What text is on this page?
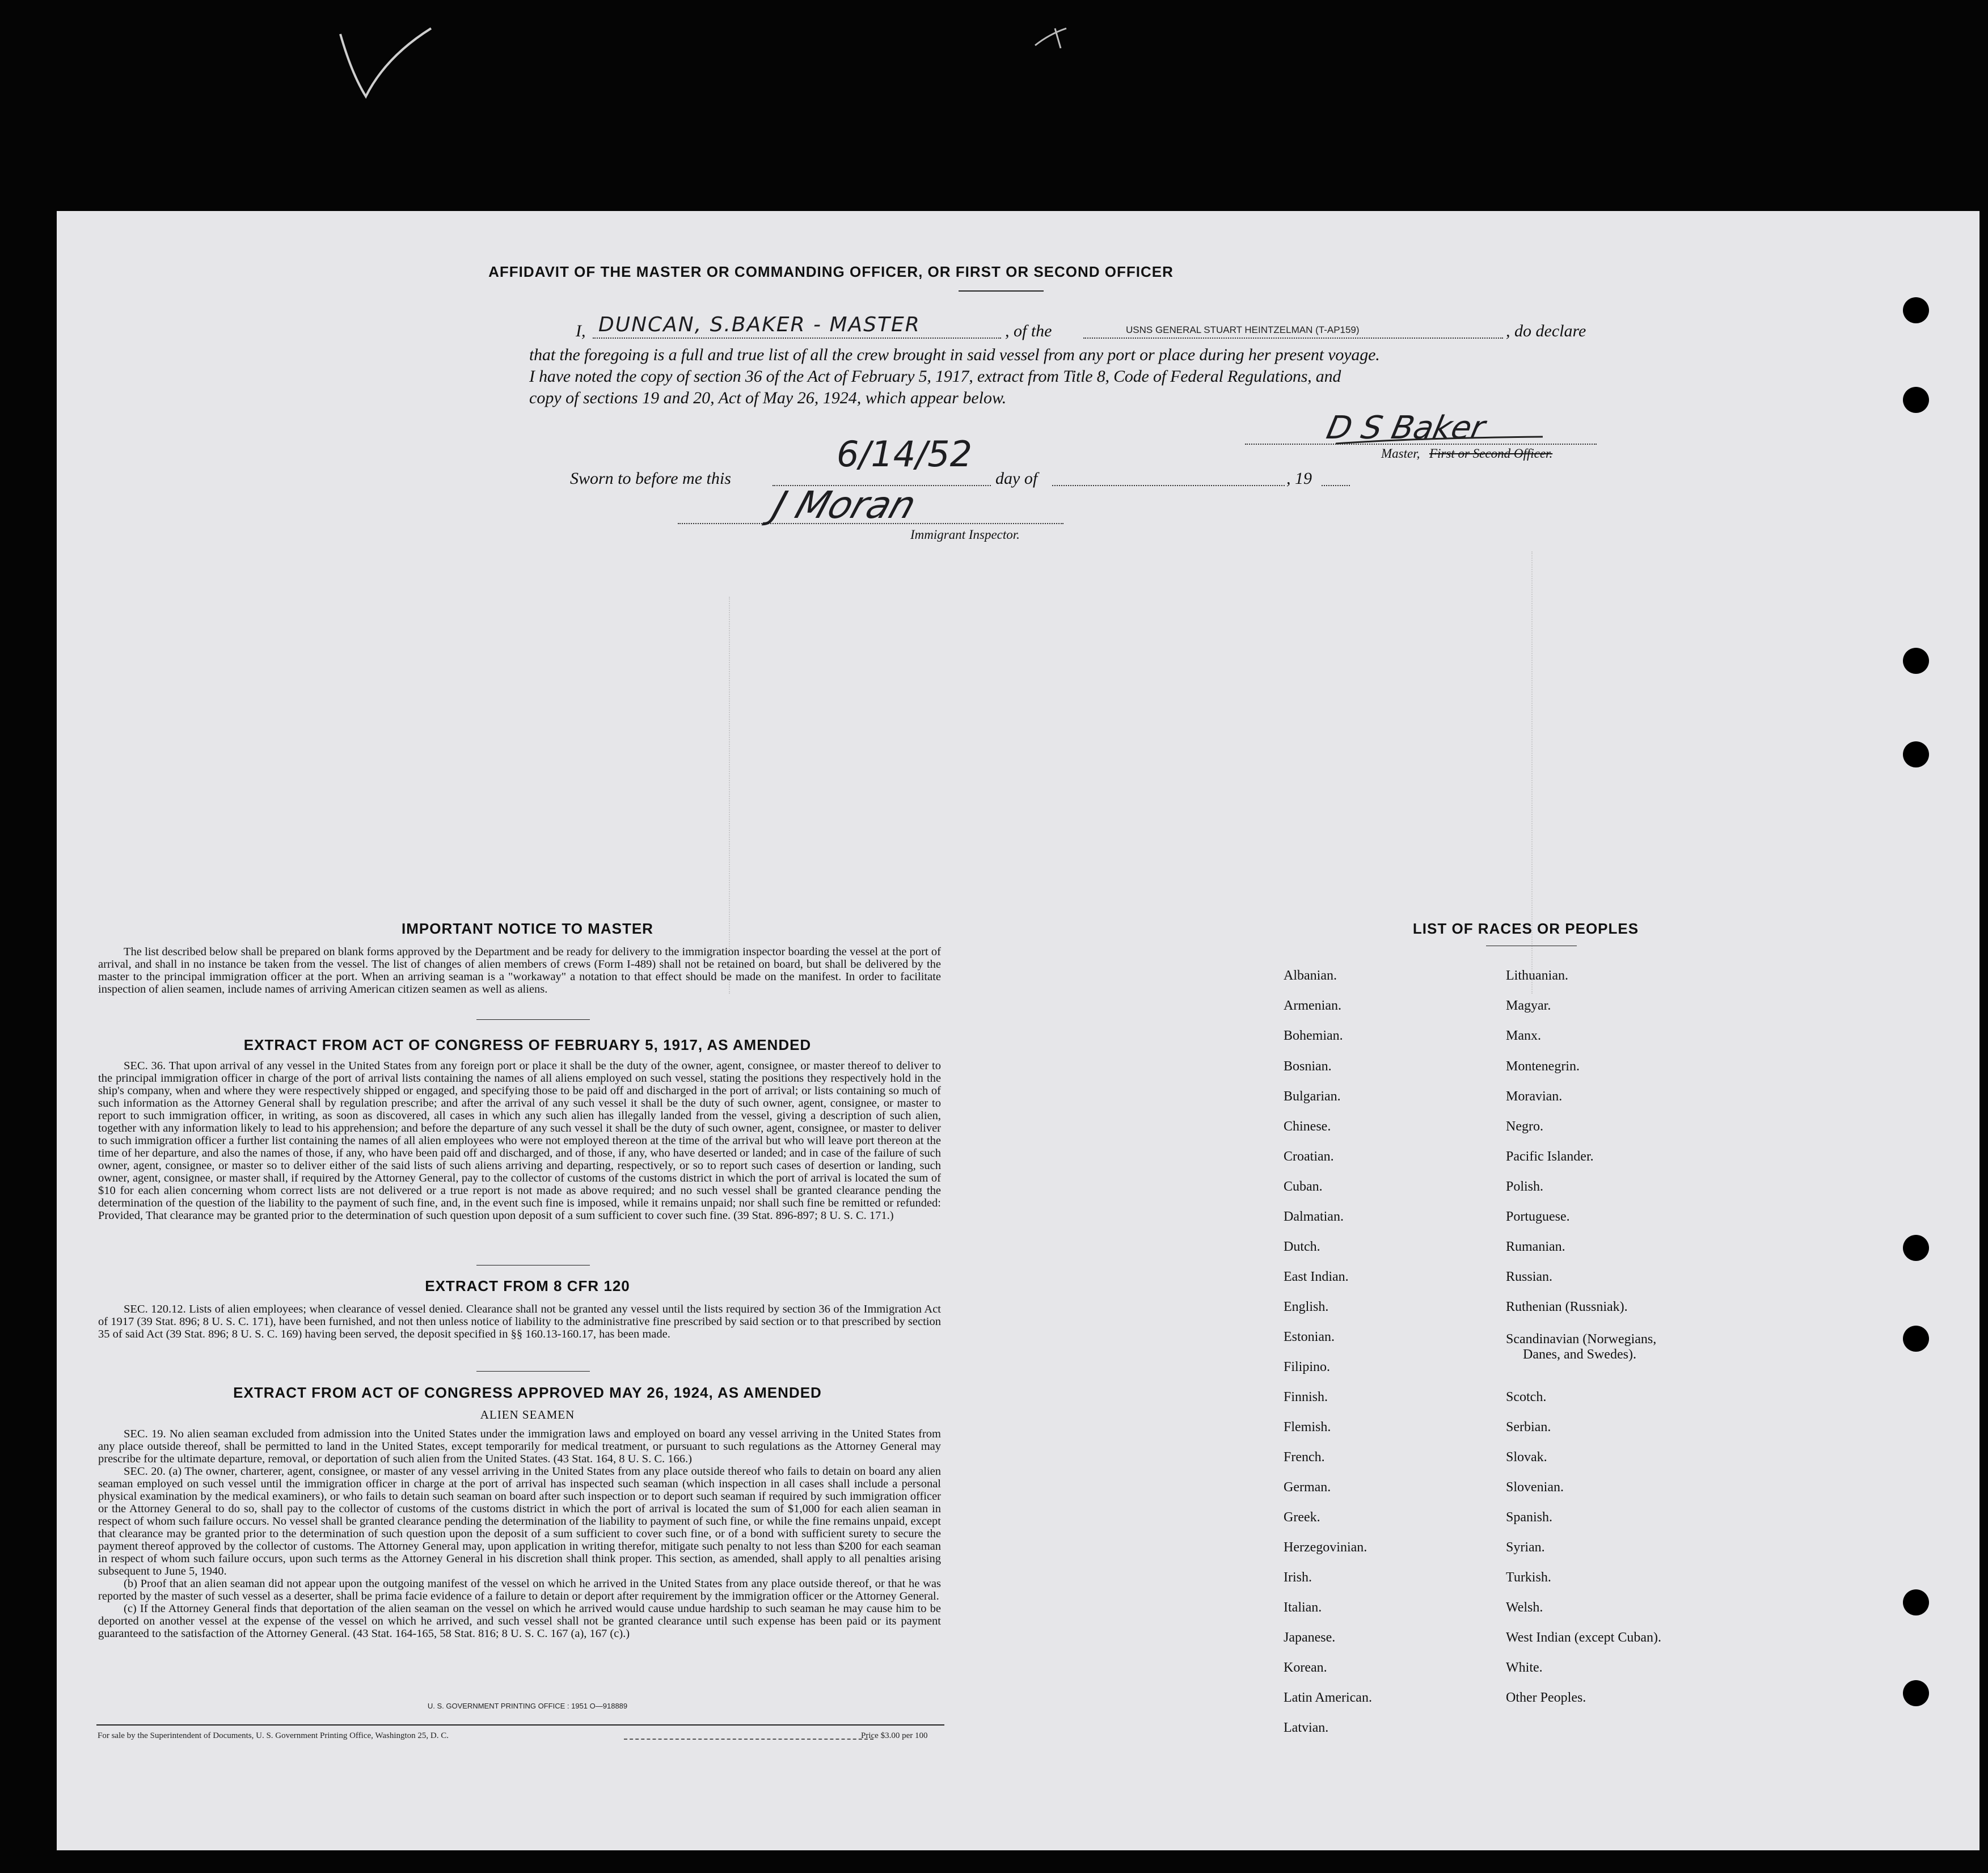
AFFIDAVIT OF THE MASTER OR COMMANDING OFFICER, OR FIRST OR SECOND OFFICER
I, DUNCAN, S.BAKER - MASTER	, of the	USNS GENERAL STUART HEINTZELMAN (T-AP159)	, do declare
that the foregoing is a full and true list of all the crew brought in said vessel from any port or place during her present voyage.
I have noted the copy of section 36 of the Act of February 5, 1917, extract from Title 8, Code of Federal Regulations, and
copy of sections 19 and 20, Act of May 26, 1924, which appear below.
D S Baker
Master, First or Second Officer.
Sworn to before me this
6/14/52
day of	, 19
J Moran
Immigrant Inspector.
IMPORTANT NOTICE TO MASTER
The list described below shall be prepared on blank forms approved by the Department and be ready for delivery to the immigration inspector boarding the vessel at the port of arrival, and shall in no instance be taken from the vessel. The list of changes of alien members of crews (Form I-489) shall not be retained on board, but shall be delivered by the master to the principal immigration officer at the port. When an arriving seaman is a "workaway" a notation to that effect should be made on the manifest. In order to facilitate inspection of alien seamen, include names of arriving American citizen seamen as well as aliens.
EXTRACT FROM ACT OF CONGRESS OF FEBRUARY 5, 1917, AS AMENDED
SEC. 36. That upon arrival of any vessel in the United States from any foreign port or place it shall be the duty of the owner, agent, consignee, or master thereof to deliver to the principal immigration officer in charge of the port of arrival lists containing the names of all aliens employed on such vessel, stating the positions they respectively hold in the ship's company, when and where they were respectively shipped or engaged, and specifying those to be paid off and discharged in the port of arrival; or lists containing so much of such information as the Attorney General shall by regulation prescribe; and after the arrival of any such vessel it shall be the duty of such owner, agent, consignee, or master to report to such immigration officer, in writing, as soon as discovered, all cases in which any such alien has illegally landed from the vessel, giving a description of such alien, together with any information likely to lead to his apprehension; and before the departure of any such vessel it shall be the duty of such owner, agent, consignee, or master to deliver to such immigration officer a further list containing the names of all alien employees who were not employed thereon at the time of the arrival but who will leave port thereon at the time of her departure, and also the names of those, if any, who have been paid off and discharged, and of those, if any, who have deserted or landed; and in case of the failure of such owner, agent, consignee, or master so to deliver either of the said lists of such aliens arriving and departing, respectively, or so to report such cases of desertion or landing, such owner, agent, consignee, or master shall, if required by the Attorney General, pay to the collector of customs of the customs district in which the port of arrival is located the sum of $10 for each alien concerning whom correct lists are not delivered or a true report is not made as above required; and no such vessel shall be granted clearance pending the determination of the question of the liability to the payment of such fine, and, in the event such fine is imposed, while it remains unpaid; nor shall such fine be remitted or refunded: Provided, That clearance may be granted prior to the determination of such question upon deposit of a sum sufficient to cover such fine. (39 Stat. 896-897; 8 U. S. C. 171.)
EXTRACT FROM 8 CFR 120
SEC. 120.12. Lists of alien employees; when clearance of vessel denied. Clearance shall not be granted any vessel until the lists required by section 36 of the Immigration Act of 1917 (39 Stat. 896; 8 U. S. C. 171), have been furnished, and not then unless notice of liability to the administrative fine prescribed by said section or to that prescribed by section 35 of said Act (39 Stat. 896; 8 U. S. C. 169) having been served, the deposit specified in §§ 160.13-160.17, has been made.
EXTRACT FROM ACT OF CONGRESS APPROVED MAY 26, 1924, AS AMENDED
ALIEN SEAMEN
SEC. 19. No alien seaman excluded from admission into the United States under the immigration laws and employed on board any vessel arriving in the United States from any place outside thereof, shall be permitted to land in the United States, except temporarily for medical treatment, or pursuant to such regulations as the Attorney General may prescribe for the ultimate departure, removal, or deportation of such alien from the United States. (43 Stat. 164, 8 U. S. C. 166.)
SEC. 20. (a) The owner, charterer, agent, consignee, or master of any vessel arriving in the United States from any place outside thereof who fails to detain on board any alien seaman employed on such vessel until the immigration officer in charge at the port of arrival has inspected such seaman (which inspection in all cases shall include a personal physical examination by the medical examiners), or who fails to detain such seaman on board after such inspection or to deport such seaman if required by such immigration officer or the Attorney General to do so, shall pay to the collector of customs of the customs district in which the port of arrival is located the sum of $1,000 for each alien seaman in respect of whom such failure occurs. No vessel shall be granted clearance pending the determination of the liability to payment of such fine, or while the fine remains unpaid, except that clearance may be granted prior to the determination of such question upon the deposit of a sum sufficient to cover such fine, or of a bond with sufficient surety to secure the payment thereof approved by the collector of customs. The Attorney General may, upon application in writing therefor, mitigate such penalty to not less than $200 for each seaman in respect of whom such failure occurs, upon such terms as the Attorney General in his discretion shall think proper. This section, as amended, shall apply to all penalties arising subsequent to June 5, 1940.
(b) Proof that an alien seaman did not appear upon the outgoing manifest of the vessel on which he arrived in the United States from any place outside thereof, or that he was reported by the master of such vessel as a deserter, shall be prima facie evidence of a failure to detain or deport after requirement by the immigration officer or the Attorney General.
(c) If the Attorney General finds that deportation of the alien seaman on the vessel on which he arrived would cause undue hardship to such seaman he may cause him to be deported on another vessel at the expense of the vessel on which he arrived, and such vessel shall not be granted clearance until such expense has been paid or its payment guaranteed to the satisfaction of the Attorney General. (43 Stat. 164-165, 58 Stat. 816; 8 U. S. C. 167 (a), 167 (c).)
U. S. GOVERNMENT PRINTING OFFICE : 1951 O—918889
For sale by the Superintendent of Documents, U. S. Government Printing Office, Washington 25, D. C.	Price $3.00 per 100
LIST OF RACES OR PEOPLES
Albanian.
Armenian.
Bohemian.
Bosnian.
Bulgarian.
Chinese.
Croatian.
Cuban.
Dalmatian.
Dutch.
East Indian.
English.
Estonian.
Filipino.
Finnish.
Flemish.
French.
German.
Greek.
Herzegovinian.
Irish.
Italian.
Japanese.
Korean.
Latin American.
Latvian.
Lithuanian.
Magyar.
Manx.
Montenegrin.
Moravian.
Negro.
Pacific Islander.
Polish.
Portuguese.
Rumanian.
Russian.
Ruthenian (Russniak).
Scandinavian (Norwegians,
Danes, and Swedes).
Scotch.
Serbian.
Slovak.
Slovenian.
Spanish.
Syrian.
Turkish.
Welsh.
West Indian (except Cuban).
White.
Other Peoples.
